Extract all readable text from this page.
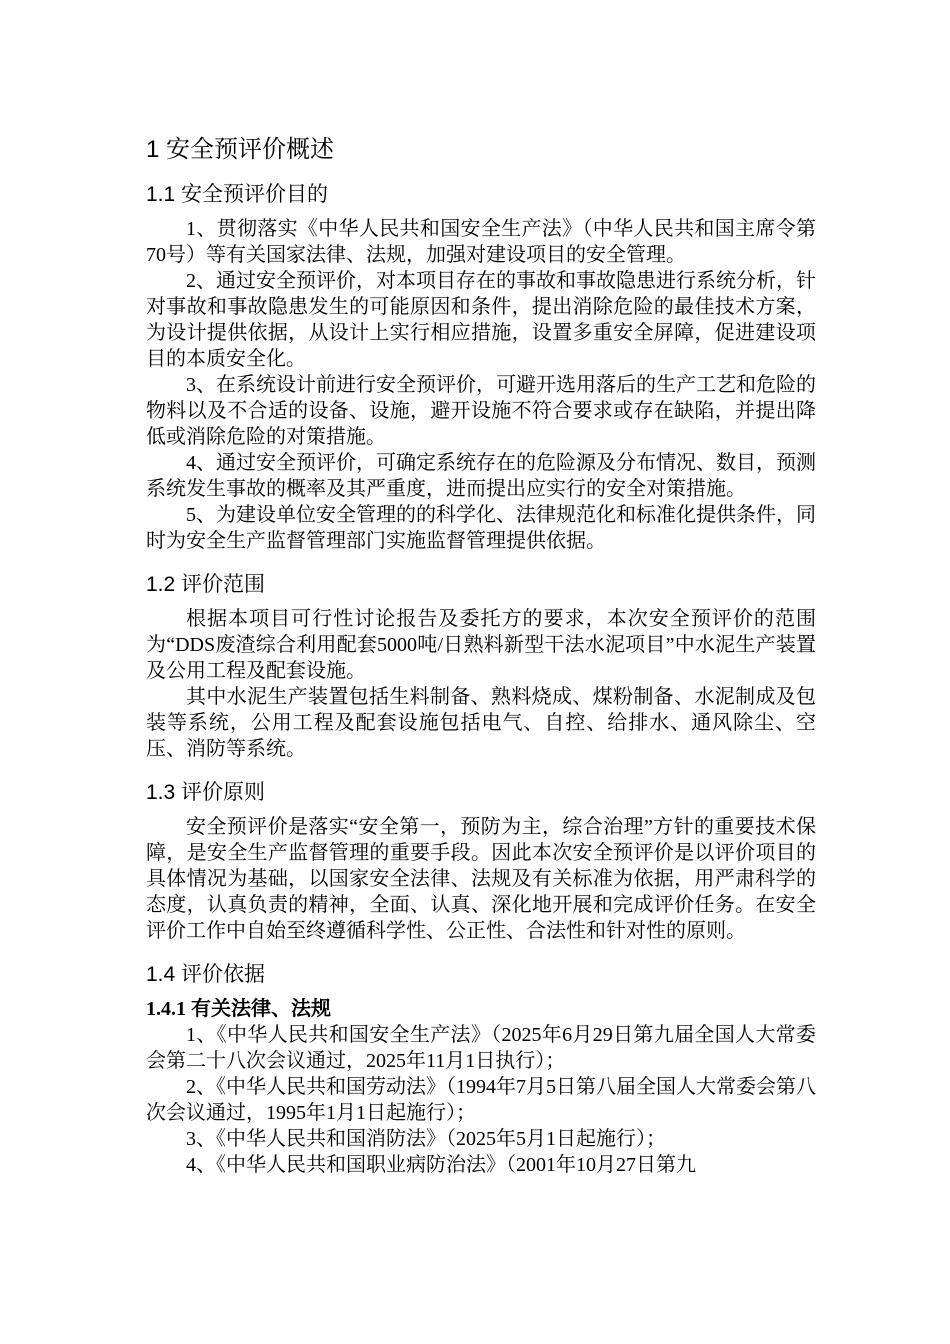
1 安全预评价概述
1.1 安全预评价目的

1、贯彻落实《中华人民共和国安全生产法》（中华人民共和国主席令第70号）等有关国家法律、法规，加强对建设项目的安全管理。

2、通过安全预评价，对本项目存在的事故和事故隐患进行系统分析，针对事故和事故隐患发生的可能原因和条件，提出消除危险的最佳技术方案，为设计提供依据，从设计上实行相应措施，设置多重安全屏障，促进建设项目的本质安全化。

3、在系统设计前进行安全预评价，可避开选用落后的生产工艺和危险的物料以及不合适的设备、设施，避开设施不符合要求或存在缺陷，并提出降低或消除危险的对策措施。

4、通过安全预评价，可确定系统存在的危险源及分布情况、数目，预测系统发生事故的概率及其严重度，进而提出应实行的安全对策措施。

5、为建设单位安全管理的的科学化、法律规范化和标准化提供条件，同时为安全生产监督管理部门实施监督管理提供依据。

1.2 评价范围

根据本项目可行性讨论报告及委托方的要求，本次安全预评价的范围为“DDS废渣综合利用配套5000吨/日熟料新型干法水泥项目”中水泥生产装置及公用工程及配套设施。

其中水泥生产装置包括生料制备、熟料烧成、煤粉制备、水泥制成及包装等系统，公用工程及配套设施包括电气、自控、给排水、通风除尘、空压、消防等系统。

1.3 评价原则

安全预评价是落实“安全第一，预防为主，综合治理”方针的重要技术保障，是安全生产监督管理的重要手段。因此本次安全预评价是以评价项目的具体情况为基础，以国家安全法律、法规及有关标准为依据，用严肃科学的态度，认真负责的精神，全面、认真、深化地开展和完成评价任务。在安全评价工作中自始至终遵循科学性、公正性、合法性和针对性的原则。

1.4 评价依据
1.4.1 有关法律、法规

1、《中华人民共和国安全生产法》（2025年6月29日第九届全国人大常委会第二十八次会议通过，2025年11月1日执行）；

2、《中华人民共和国劳动法》（1994年7月5日第八届全国人大常委会第八次会议通过，1995年1月1日起施行）；

3、《中华人民共和国消防法》（2025年5月1日起施行）；

4、《中华人民共和国职业病防治法》（2001年10月27日第九
